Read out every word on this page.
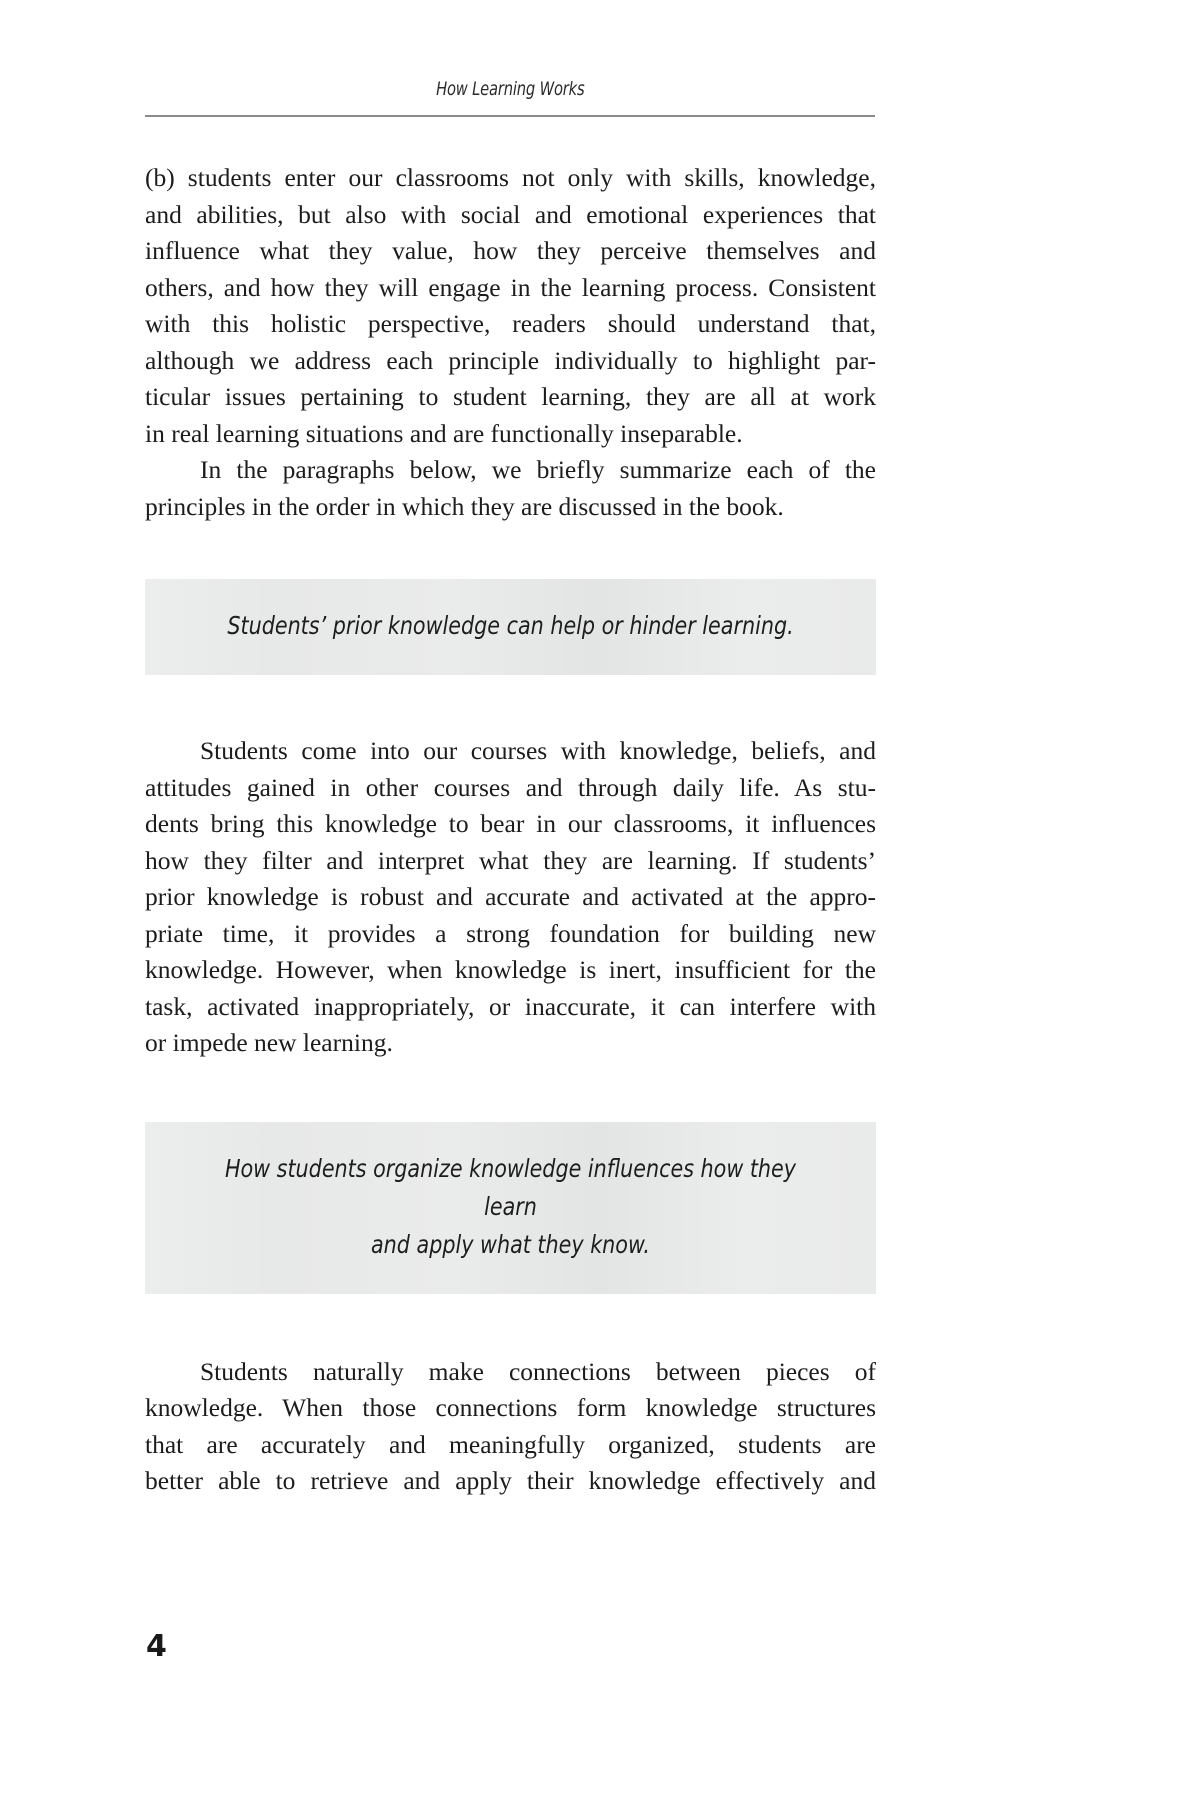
How Learning Works

(b) students enter our classrooms not only with skills, knowledge,
and abilities, but also with social and emotional experiences that
influence what they value, how they perceive themselves and
others, and how they will engage in the learning process. Consistent
with this holistic perspective, readers should understand that,
although we address each principle individually to highlight par-
ticular issues pertaining to student learning, they are all at work
in real learning situations and are functionally inseparable.

In the paragraphs below, we briefly summarize each of the
principles in the order in which they are discussed in the book.

Students’ prior knowledge can help or hinder learning.

Students come into our courses with knowledge, beliefs, and
attitudes gained in other courses and through daily life. As stu-
dents bring this knowledge to bear in our classrooms, it influences
how they filter and interpret what they are learning. If students’
prior knowledge is robust and accurate and activated at the appro-
priate time, it provides a strong foundation for building new
knowledge. However, when knowledge is inert, insufficient for the
task, activated inappropriately, or inaccurate, it can interfere with
or impede new learning.

How students organize knowledge influences how they learn
and apply what they know.

Students naturally make connections between pieces of
knowledge. When those connections form knowledge structures
that are accurately and meaningfully organized, students are
better able to retrieve and apply their knowledge effectively and

4
